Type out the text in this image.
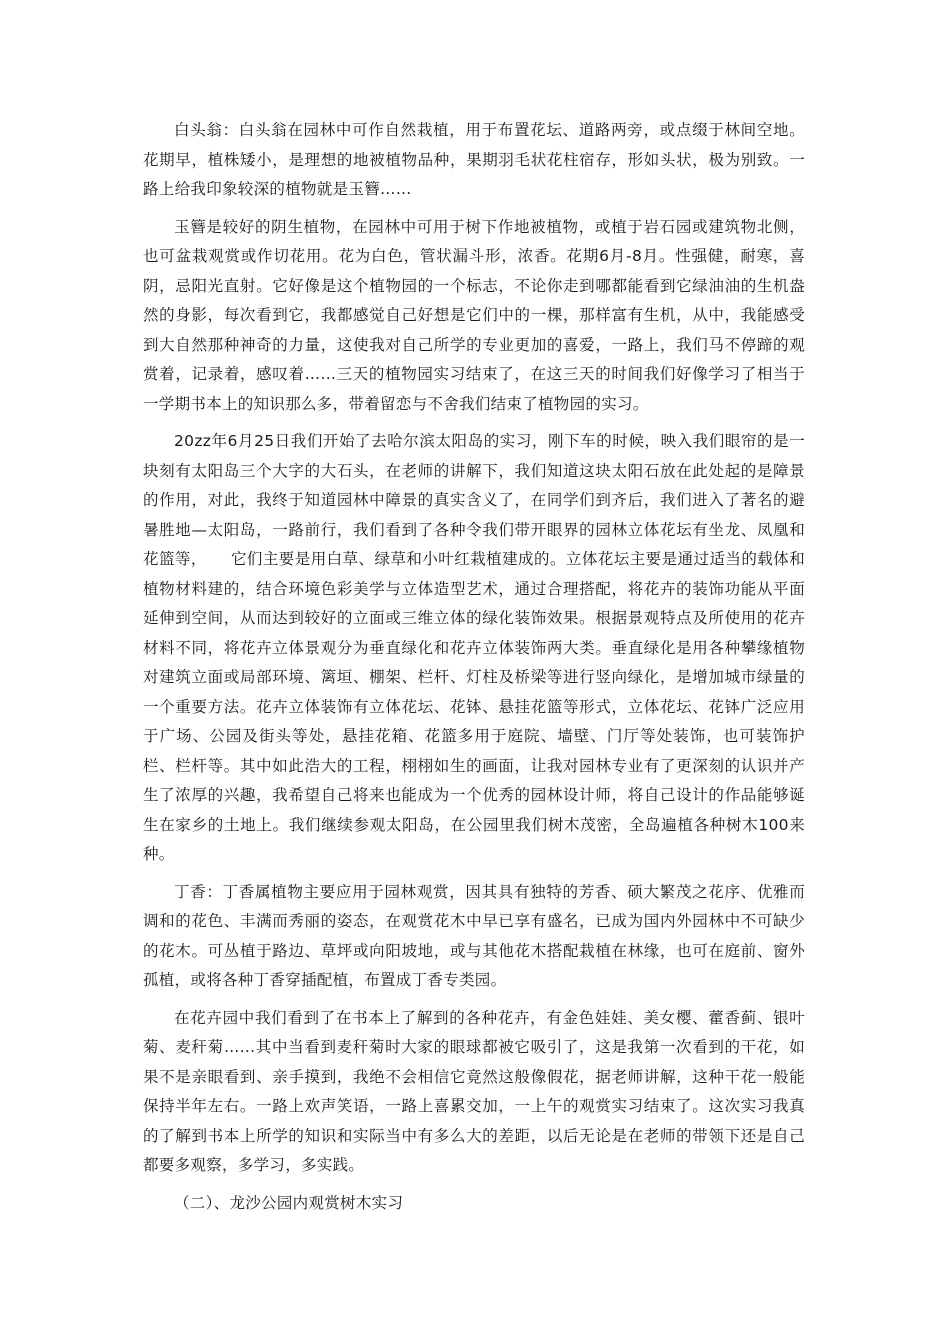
白头翁：白头翁在园林中可作自然栽植，用于布置花坛、道路两旁，或点缀于林间空地。花期早，植株矮小，是理想的地被植物品种，果期羽毛状花柱宿存，形如头状，极为别致。一路上给我印象较深的植物就是玉簪……

玉簪是较好的阴生植物，在园林中可用于树下作地被植物，或植于岩石园或建筑物北侧，也可盆栽观赏或作切花用。花为白色，管状漏斗形，浓香。花期6月-8月。性强健，耐寒，喜阴，忌阳光直射。它好像是这个植物园的一个标志，不论你走到哪都能看到它绿油油的生机盎然的身影，每次看到它，我都感觉自己好想是它们中的一棵，那样富有生机，从中，我能感受到大自然那种神奇的力量，这使我对自己所学的专业更加的喜爱，一路上，我们马不停蹄的观赏着，记录着，感叹着……三天的植物园实习结束了，在这三天的时间我们好像学习了相当于一学期书本上的知识那么多，带着留恋与不舍我们结束了植物园的实习。

20zz年6月25日我们开始了去哈尔滨太阳岛的实习，刚下车的时候，映入我们眼帘的是一块刻有太阳岛三个大字的大石头，在老师的讲解下，我们知道这块太阳石放在此处起的是障景的作用，对此，我终于知道园林中障景的真实含义了，在同学们到齐后，我们进入了著名的避暑胜地—太阳岛，一路前行，我们看到了各种令我们带开眼界的园林立体花坛有坐龙、凤凰和花篮等，　　它们主要是用白草、绿草和小叶红栽植建成的。立体花坛主要是通过适当的载体和植物材料建的，结合环境色彩美学与立体造型艺术，通过合理搭配，将花卉的装饰功能从平面延伸到空间，从而达到较好的立面或三维立体的绿化装饰效果。根据景观特点及所使用的花卉材料不同，将花卉立体景观分为垂直绿化和花卉立体装饰两大类。垂直绿化是用各种攀缘植物对建筑立面或局部环境、篱垣、棚架、栏杆、灯柱及桥梁等进行竖向绿化，是增加城市绿量的一个重要方法。花卉立体装饰有立体花坛、花钵、悬挂花篮等形式，立体花坛、花钵广泛应用于广场、公园及街头等处，悬挂花箱、花篮多用于庭院、墙壁、门厅等处装饰，也可装饰护栏、栏杆等。其中如此浩大的工程，栩栩如生的画面，让我对园林专业有了更深刻的认识并产生了浓厚的兴趣，我希望自己将来也能成为一个优秀的园林设计师，将自己设计的作品能够诞生在家乡的土地上。我们继续参观太阳岛，在公园里我们树木茂密，全岛遍植各种树木100来种。

丁香：丁香属植物主要应用于园林观赏，因其具有独特的芳香、硕大繁茂之花序、优雅而调和的花色、丰满而秀丽的姿态，在观赏花木中早已享有盛名，已成为国内外园林中不可缺少的花木。可丛植于路边、草坪或向阳坡地，或与其他花木搭配栽植在林缘，也可在庭前、窗外孤植，或将各种丁香穿插配植，布置成丁香专类园。

在花卉园中我们看到了在书本上了解到的各种花卉，有金色娃娃、美女樱、藿香蓟、银叶菊、麦秆菊……其中当看到麦秆菊时大家的眼球都被它吸引了，这是我第一次看到的干花，如果不是亲眼看到、亲手摸到，我绝不会相信它竟然这般像假花，据老师讲解，这种干花一般能保持半年左右。一路上欢声笑语，一路上喜累交加，一上午的观赏实习结束了。这次实习我真的了解到书本上所学的知识和实际当中有多么大的差距，以后无论是在老师的带领下还是自己都要多观察，多学习，多实践。

（二）、龙沙公园内观赏树木实习
